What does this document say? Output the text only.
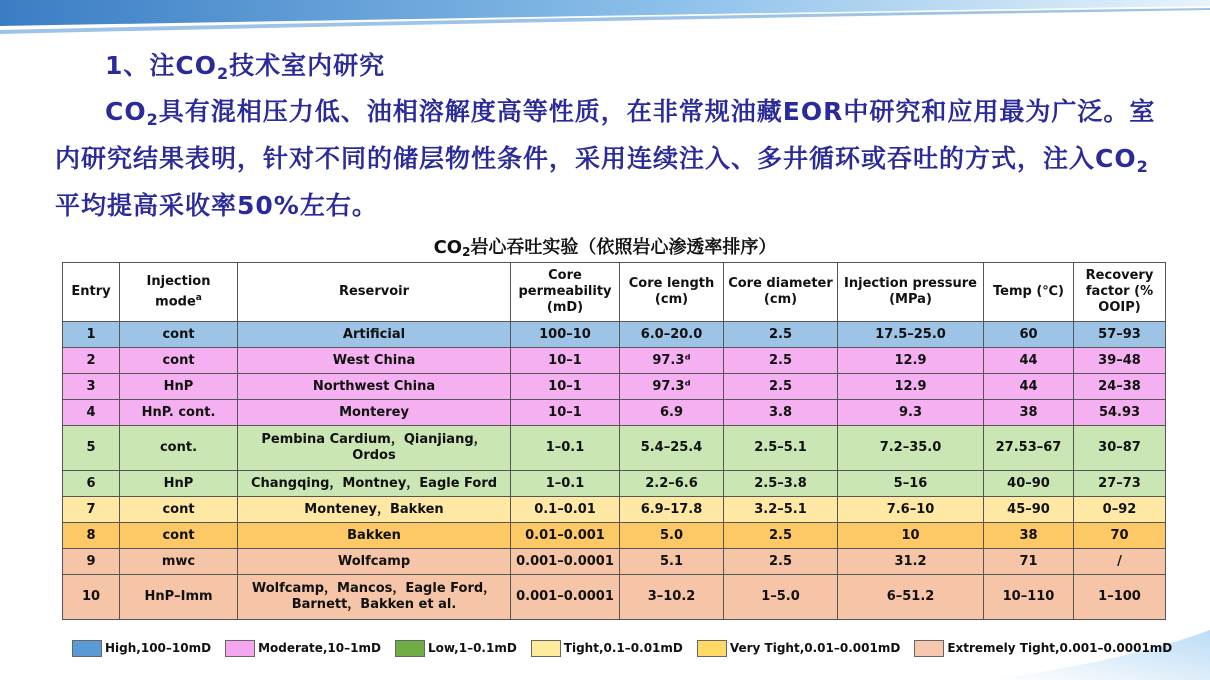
1、注$CO_2$技术室内研究

$CO_2$具有混相压力低、油相溶解度高等性质，在非常规油藏EOR中研究和应用最为广泛。室内研究结果表明，针对不同的储层物性条件，采用连续注入、多井循环或吞吐的方式，注入$CO_2$平均提高采收率50%左右。

$CO_2$岩心吞吐实验（依照岩心渗透率排序）
Entry	Injection mode$^a$	Reservoir	Core permeability (mD)	Core length (cm)	Core diameter (cm)	Injection pressure (MPa)	Temp (℃)	Recovery factor (% OOIP)
1	cont	Artificial	100–10	6.0–20.0	2.5	17.5–25.0	60	57–93
2	cont	West China	10–1	97.3ᵈ	2.5	12.9	44	39–48
3	HnP	Northwest China	10–1	97.3ᵈ	2.5	12.9	44	24–38
4	HnP. cont.	Monterey	10–1	6.9	3.8	9.3	38	54.93
5	cont.	Pembina Cardium，Qianjiang，Ordos	1–0.1	5.4–25.4	2.5–5.1	7.2–35.0	27.53–67	30–87
6	HnP	Changqing，Montney，Eagle Ford	1–0.1	2.2–6.6	2.5–3.8	5–16	40–90	27–73
7	cont	Monteney，Bakken	0.1–0.01	6.9–17.8	3.2–5.1	7.6–10	45–90	0–92
8	cont	Bakken	0.01–0.001	5.0	2.5	10	38	70
9	mwc	Wolfcamp	0.001–0.0001	5.1	2.5	31.2	71	/
10	HnP–Imm	Wolfcamp，Mancos，Eagle Ford，Barnett，Bakken et al.	0.001–0.0001	3–10.2	1–5.0	6–51.2	10–110	1–100
High,100–10mD	Moderate,10–1mD	Low,1–0.1mD	Tight,0.1–0.01mD	Very Tight,0.01–0.001mD	Extremely Tight,0.001–0.0001mD
